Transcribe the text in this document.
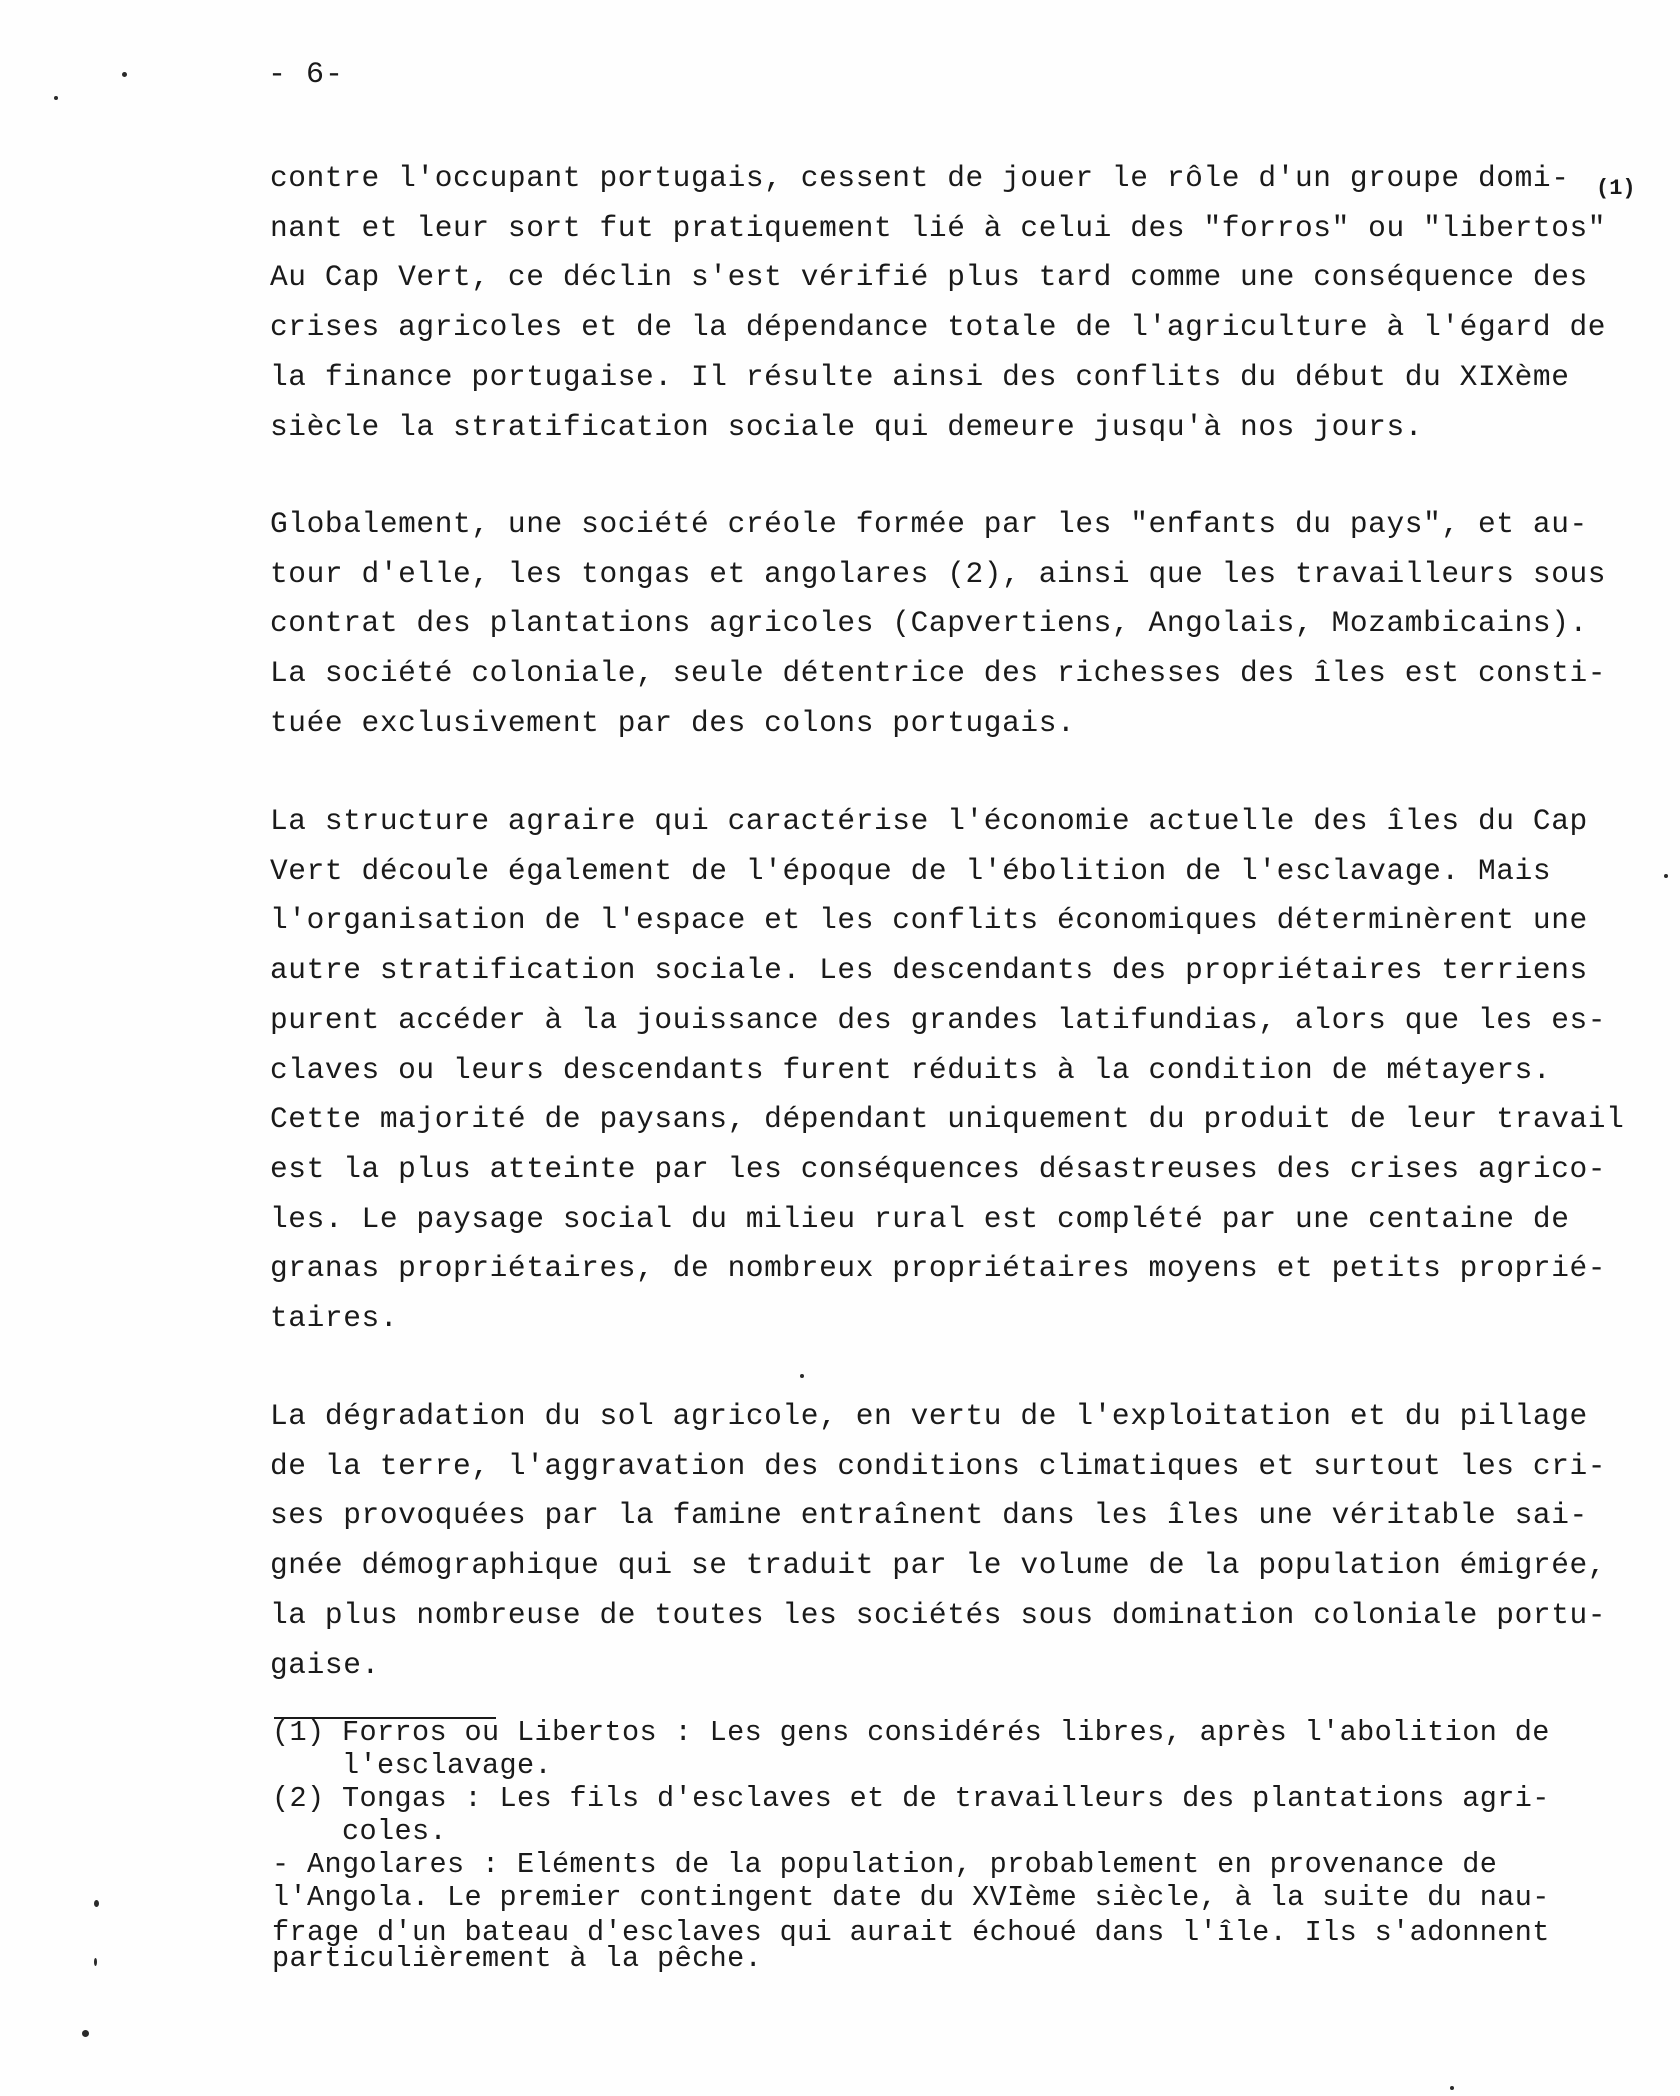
- 6-
(1)
contre l'occupant portugais, cessent de jouer le rôle d'un groupe domi-
nant et leur sort fut pratiquement lié à celui des "forros" ou "libertos"
Au Cap Vert, ce déclin s'est vérifié plus tard comme une conséquence des
crises agricoles et de la dépendance totale de l'agriculture à l'égard de
la finance portugaise. Il résulte ainsi des conflits du début du XIXème
siècle la stratification sociale qui demeure jusqu'à nos jours.
Globalement, une société créole formée par les "enfants du pays", et au-
tour d'elle, les tongas et angolares (2), ainsi que les travailleurs sous
contrat des plantations agricoles (Capvertiens, Angolais, Mozambicains).
La société coloniale, seule détentrice des richesses des îles est consti-
tuée exclusivement par des colons portugais.
La structure agraire qui caractérise l'économie actuelle des îles du Cap
Vert découle également de l'époque de l'ébolition de l'esclavage. Mais
l'organisation de l'espace et les conflits économiques déterminèrent une
autre stratification sociale. Les descendants des propriétaires terriens
purent accéder à la jouissance des grandes latifundias, alors que les es-
claves ou leurs descendants furent réduits à la condition de métayers.
Cette majorité de paysans, dépendant uniquement du produit de leur travail
est la plus atteinte par les conséquences désastreuses des crises agrico-
les. Le paysage social du milieu rural est complété par une centaine de
granas propriétaires, de nombreux propriétaires moyens et petits proprié-
taires.
La dégradation du sol agricole, en vertu de l'exploitation et du pillage
de la terre, l'aggravation des conditions climatiques et surtout les cri-
ses provoquées par la famine entraînent dans les îles une véritable sai-
gnée démographique qui se traduit par le volume de la population émigrée,
la plus nombreuse de toutes les sociétés sous domination coloniale portu-
gaise.
(1) Forros ou Libertos : Les gens considérés libres, après l'abolition de
l'esclavage.
(2) Tongas : Les fils d'esclaves et de travailleurs des plantations agri-
coles.
- Angolares : Eléments de la population, probablement en provenance de
l'Angola. Le premier contingent date du XVIème siècle, à la suite du nau-
frage d'un bateau d'esclaves qui aurait échoué dans l'île. Ils s'adonnent
particulièrement à la pêche.
